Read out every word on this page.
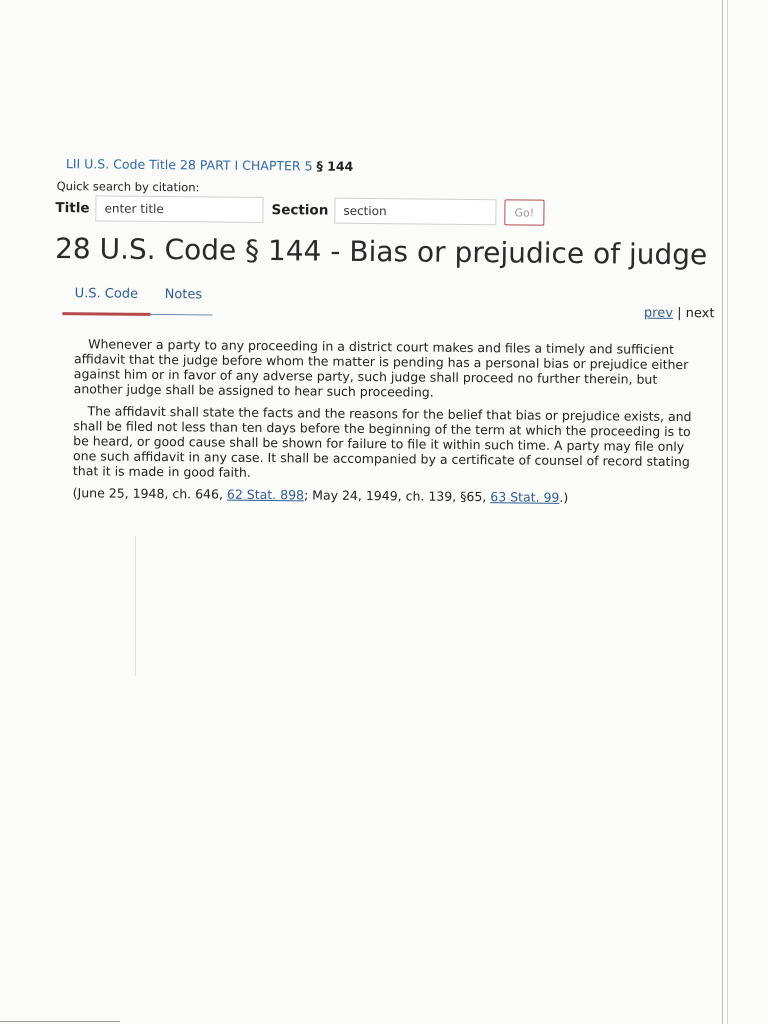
LII U.S. Code Title 28 PART I CHAPTER 5 § 144
Quick search by citation:
Title
enter title	Section
section	Go!
28 U.S. Code § 144 - Bias or prejudice of judge
U.S. Code Notes
prev | next

Whenever a party to any proceeding in a district court makes and files a timely and sufficient affidavit that the judge before whom the matter is pending has a personal bias or prejudice either against him or in favor of any adverse party, such judge shall proceed no further therein, but another judge shall be assigned to hear such proceeding.

The affidavit shall state the facts and the reasons for the belief that bias or prejudice exists, and shall be filed not less than ten days before the beginning of the term at which the proceeding is to be heard, or good cause shall be shown for failure to file it within such time. A party may file only one such affidavit in any case. It shall be accompanied by a certificate of counsel of record stating that it is made in good faith.

(June 25, 1948, ch. 646, 62 Stat. 898; May 24, 1949, ch. 139, §65, 63 Stat. 99.)
